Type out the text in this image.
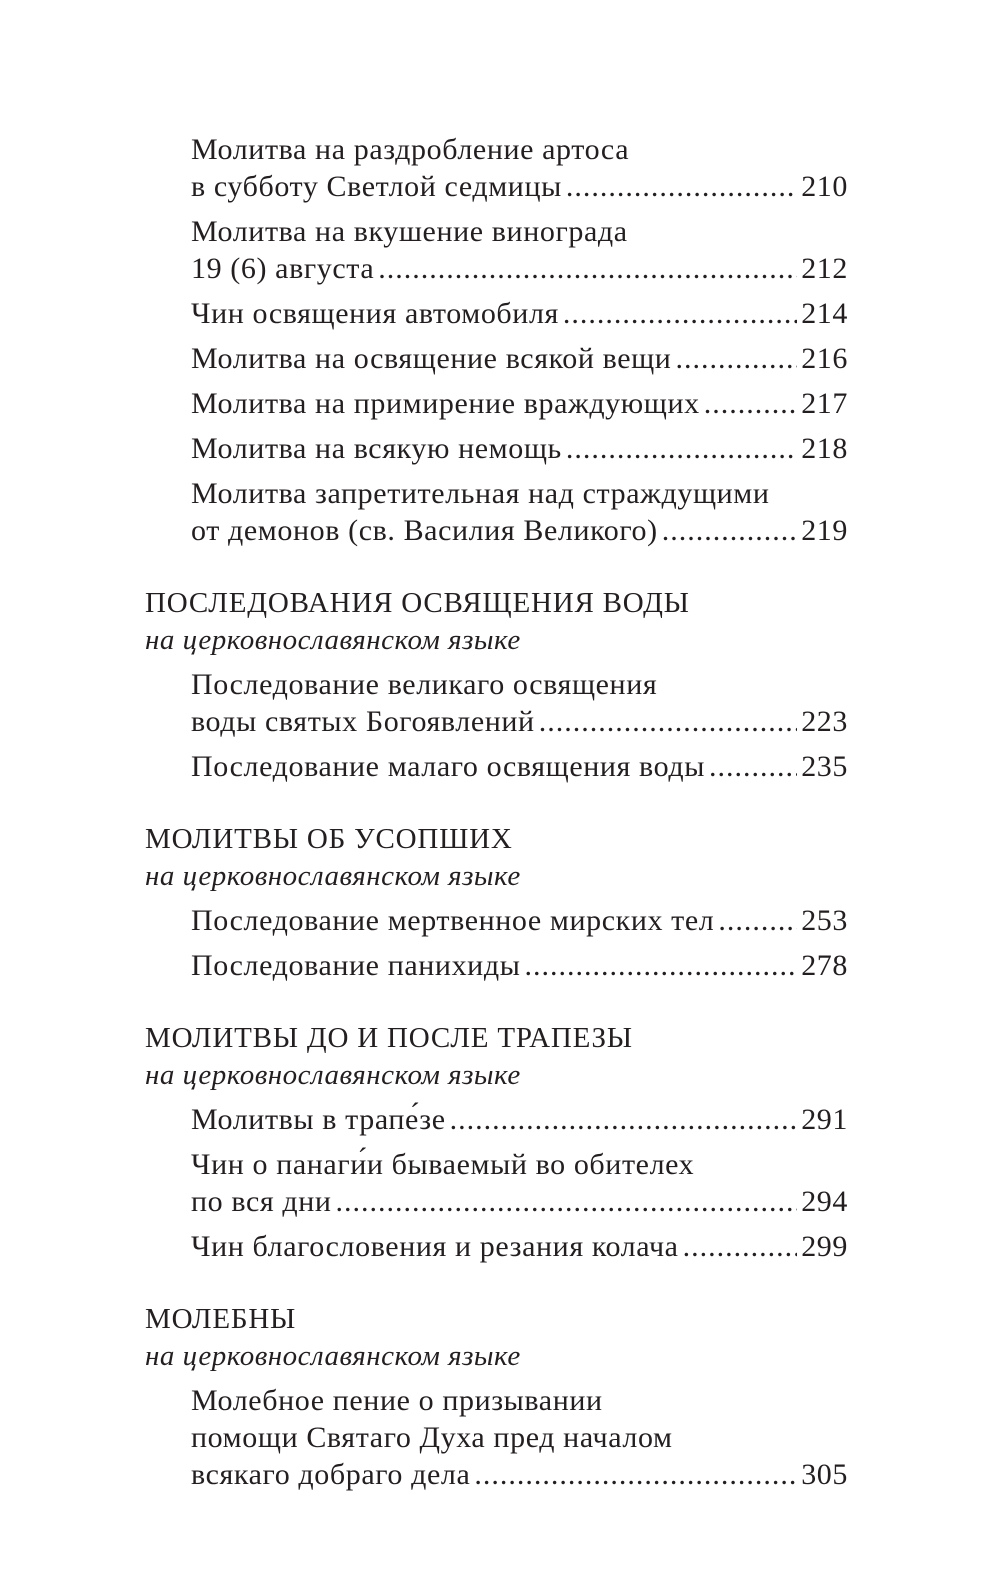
Молитва на раздробление артоса
в субботу Светлой седмицы .....	210
Молитва на вкушение винограда
19 (6) августа .....	212
Чин освящения автомобиля .....	214
Молитва на освящение всякой вещи .....	216
Молитва на примирение враждующих .....	217
Молитва на всякую немощь .....	218
Молитва запретительная над страждущими
от демонов (св. Василия Великого) .....	219
ПОСЛЕДОВАНИЯ ОСВЯЩЕНИЯ ВОДЫ
на церковнославянском языке
Последование великаго освящения
воды святых Богоявлений .....	223
Последование малаго освящения воды .....	235
МОЛИТВЫ ОБ УСОПШИХ
на церковнославянском языке
Последование мертвенное мирских тел .....	253
Последование панихиды .....	278
МОЛИТВЫ ДО И ПОСЛЕ ТРАПЕЗЫ
на церковнославянском языке
Молитвы в трапе́зе .....	291
Чин о панаги́и бываемый во обителех
по вся дни .....	294
Чин благословения и резания колача .....	299
МОЛЕБНЫ
на церковнославянском языке
Молебное пение о призывании
помощи Святаго Духа пред началом
всякаго добраго дела .....	305
